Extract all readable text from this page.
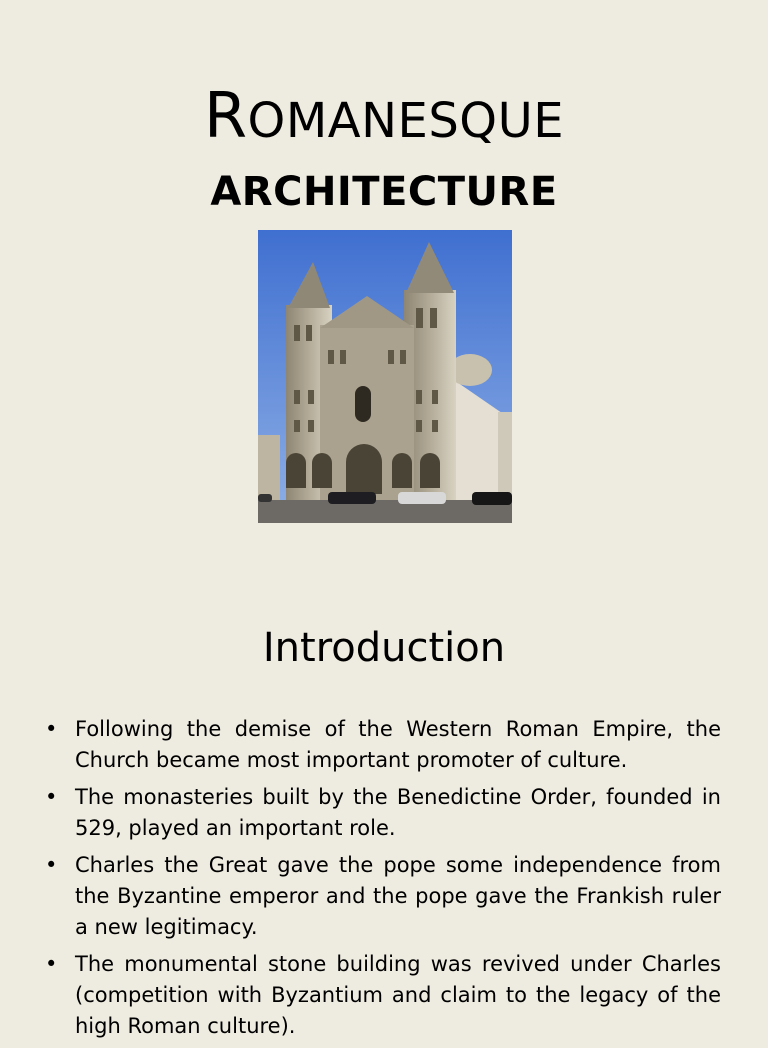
ROMANESQUE
ARCHITECTURE
Introduction
• Following the demise of the Western Roman Empire, the Church became most important promoter of culture.
• The monasteries built by the Benedictine Order, founded in 529, played an important role.
• Charles the Great gave the pope some independence from the Byzantine emperor and the pope gave the Frankish ruler a new legitimacy.
• The monumental stone building was revived under Charles (competition with Byzantium and claim to the legacy of the high Roman culture).
